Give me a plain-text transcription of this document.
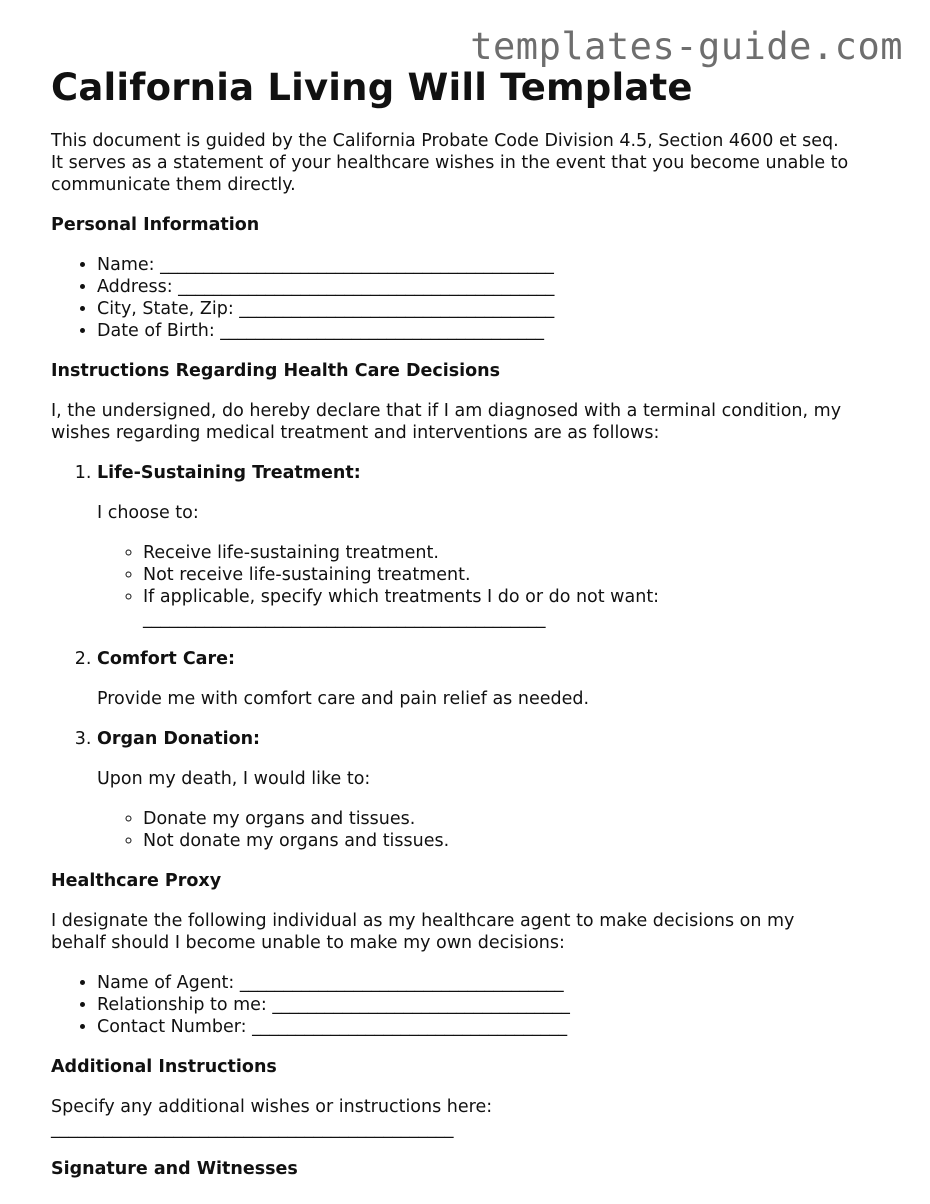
templates-guide.com
California Living Will Template

This document is guided by the California Probate Code Division 4.5, Section 4600 et seq.
It serves as a statement of your healthcare wishes in the event that you become unable to
communicate them directly.

Personal Information
• Name: _____________________________________________
• Address: ___________________________________________
• City, State, Zip: ____________________________________
• Date of Birth: _____________________________________
Instructions Regarding Health Care Decisions

I, the undersigned, do hereby declare that if I am diagnosed with a terminal condition, my
wishes regarding medical treatment and interventions are as follows:

1. Life-Sustaining Treatment:
I choose to:
◦ Receive life-sustaining treatment.
◦ Not receive life-sustaining treatment.
◦ If applicable, specify which treatments I do or do not want:
______________________________________________
2. Comfort Care:
Provide me with comfort care and pain relief as needed.
3. Organ Donation:
Upon my death, I would like to:
◦ Donate my organs and tissues.
◦ Not donate my organs and tissues.
Healthcare Proxy

I designate the following individual as my healthcare agent to make decisions on my
behalf should I become unable to make my own decisions:

• Name of Agent: _____________________________________
• Relationship to me: __________________________________
• Contact Number: ____________________________________
Additional Instructions

Specify any additional wishes or instructions here:
______________________________________________

Signature and Witnesses
